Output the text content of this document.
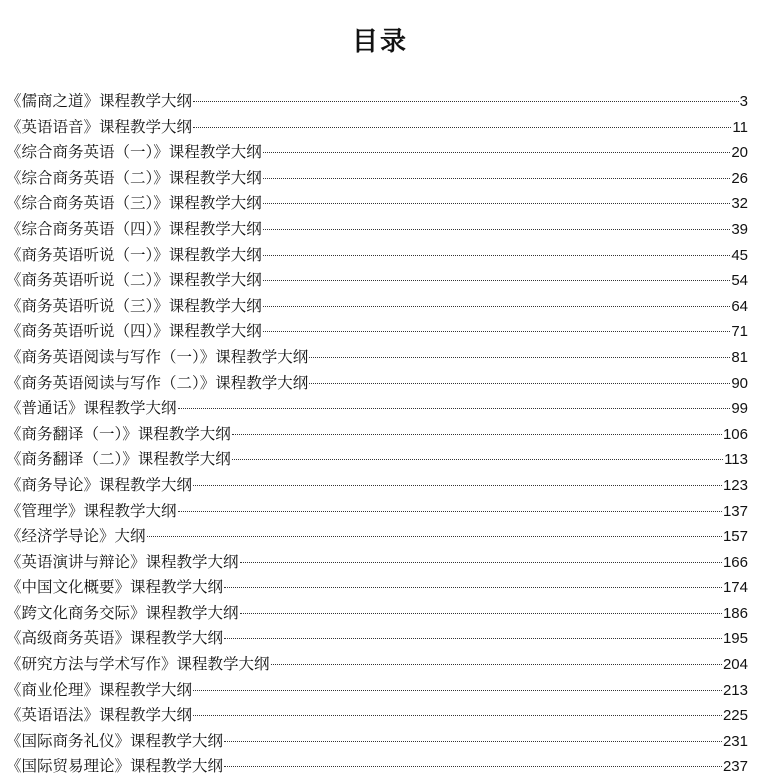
目录
《儒商之道》课程教学大纲	3
《英语语音》课程教学大纲	11
《综合商务英语（一）》课程教学大纲	20
《综合商务英语（二）》课程教学大纲	26
《综合商务英语（三）》课程教学大纲	32
《综合商务英语（四）》课程教学大纲	39
《商务英语听说（一）》课程教学大纲	45
《商务英语听说（二）》课程教学大纲	54
《商务英语听说（三）》课程教学大纲	64
《商务英语听说（四）》课程教学大纲	71
《商务英语阅读与写作（一）》课程教学大纲	81
《商务英语阅读与写作（二）》课程教学大纲	90
《普通话》课程教学大纲	99
《商务翻译（一）》课程教学大纲	106
《商务翻译（二）》课程教学大纲	113
《商务导论》课程教学大纲	123
《管理学》课程教学大纲	137
《经济学导论》大纲	157
《英语演讲与辩论》课程教学大纲	166
《中国文化概要》课程教学大纲	174
《跨文化商务交际》课程教学大纲	186
《高级商务英语》课程教学大纲	195
《研究方法与学术写作》课程教学大纲	204
《商业伦理》课程教学大纲	213
《英语语法》课程教学大纲	225
《国际商务礼仪》课程教学大纲	231
《国际贸易理论》课程教学大纲	237
